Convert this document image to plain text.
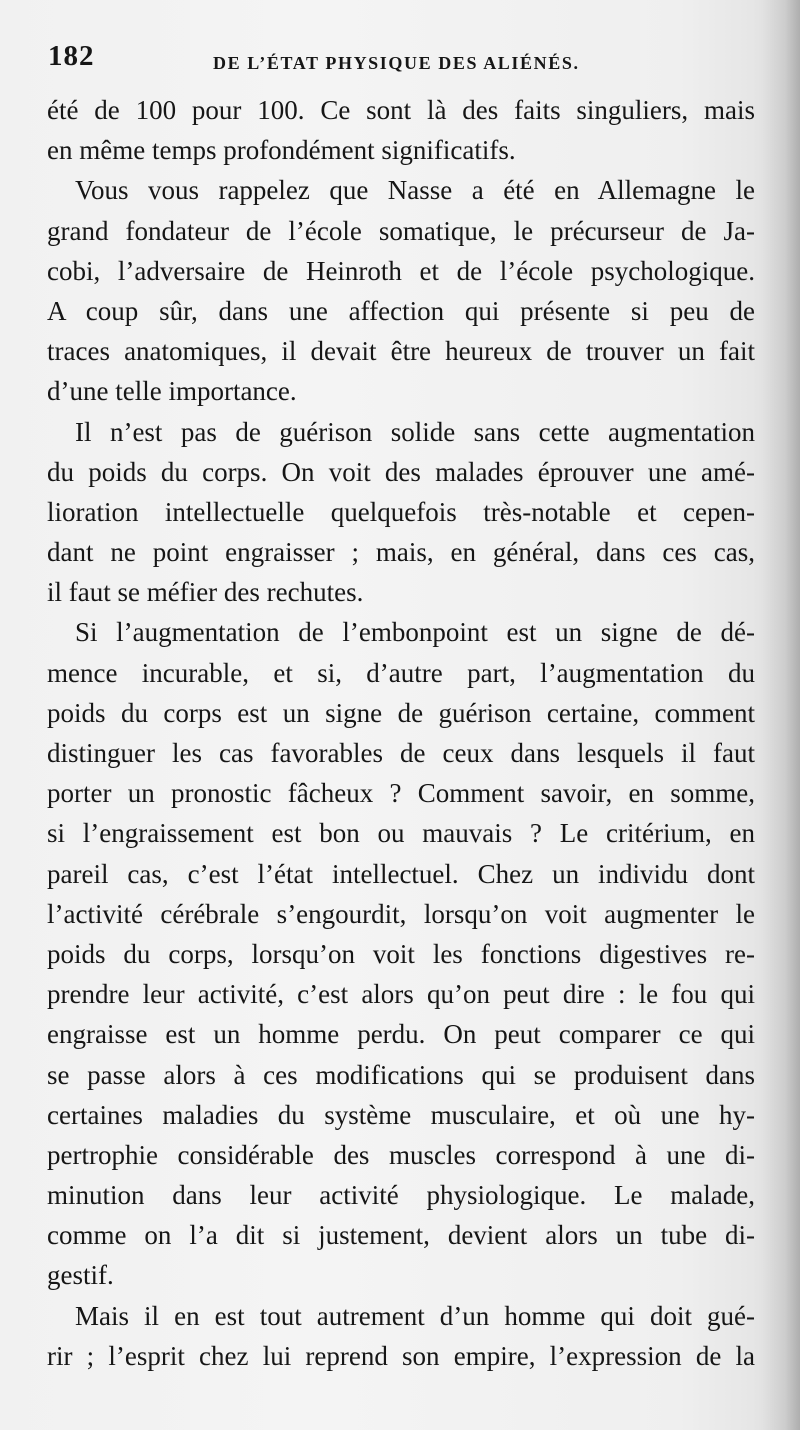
182	DE L’ÉTAT PHYSIQUE DES ALIÉNÉS.
été de 100 pour 100. Ce sont là des faits singuliers, mais
en même temps profondément significatifs.
Vous vous rappelez que Nasse a été en Allemagne le
grand fondateur de l’école somatique, le précurseur de Ja-
cobi, l’adversaire de Heinroth et de l’école psychologique.
A coup sûr, dans une affection qui présente si peu de
traces anatomiques, il devait être heureux de trouver un fait
d’une telle importance.
Il n’est pas de guérison solide sans cette augmentation
du poids du corps. On voit des malades éprouver une amé-
lioration intellectuelle quelquefois très-notable et cepen-
dant ne point engraisser ; mais, en général, dans ces cas,
il faut se méfier des rechutes.
Si l’augmentation de l’embonpoint est un signe de dé-
mence incurable, et si, d’autre part, l’augmentation du
poids du corps est un signe de guérison certaine, comment
distinguer les cas favorables de ceux dans lesquels il faut
porter un pronostic fâcheux ? Comment savoir, en somme,
si l’engraissement est bon ou mauvais ? Le critérium, en
pareil cas, c’est l’état intellectuel. Chez un individu dont
l’activité cérébrale s’engourdit, lorsqu’on voit augmenter le
poids du corps, lorsqu’on voit les fonctions digestives re-
prendre leur activité, c’est alors qu’on peut dire : le fou qui
engraisse est un homme perdu. On peut comparer ce qui
se passe alors à ces modifications qui se produisent dans
certaines maladies du système musculaire, et où une hy-
pertrophie considérable des muscles correspond à une di-
minution dans leur activité physiologique. Le malade,
comme on l’a dit si justement, devient alors un tube di-
gestif.
Mais il en est tout autrement d’un homme qui doit gué-
rir ; l’esprit chez lui reprend son empire, l’expression de la
